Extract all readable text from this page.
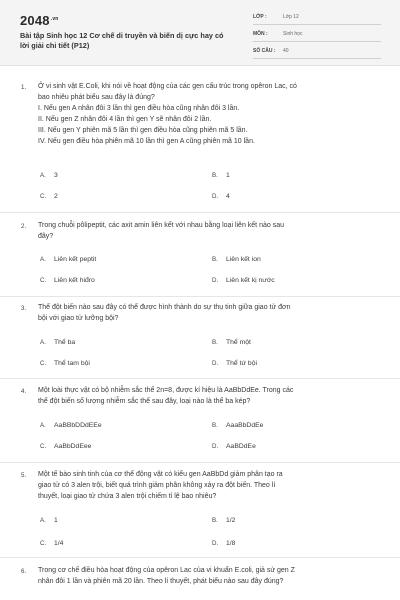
$2048^{.vn}$
Bài tập Sinh học 12 Cơ chế di truyền và biến dị cực hay có
lời giải chi tiết (P12)
LỚP :	Lớp 12
MÔN :	Sinh học
SỐ CÂU : 40
1. Ở vi sinh vật E.Coli, khi nói về hoạt động của các gen cấu trúc trong opêron Lac, có
bao nhiêu phát biểu sau đây là đúng?
I. Nếu gen A nhân đôi 3 lần thì gen điều hòa cũng nhân đôi 3 lần.
II. Nếu gen Z nhân đôi 4 lần thì gen Y sẽ nhân đôi 2 lần.
III. Nếu gen Y phiên mã 5 lần thì gen điều hòa cũng phiên mã 5 lần.
IV. Nếu gen điều hòa phiên mã 10 lần thì gen A cũng phiên mã 10 lần.
A. 3	B. 1
C. 2	D. 4
2. Trong chuỗi pôlipeptit, các axit amin liên kết với nhau bằng loại liên kết nào sau
đây?
A. Liên kết peptit	B. Liên kết ion
C. Liên kết hiđro	D. Liên kết kị nước
3. Thể đột biến nào sau đây có thể được hình thành do sự thụ tinh giữa giao tử đơn
bội với giao tử lưỡng bội?
A. Thể ba	B. Thể một
C. Thể tam bội	D. Thể tứ bội
4. Một loài thực vật có bộ nhiễm sắc thể 2n=8, được kí hiệu là AaBbDdEe. Trong các
thể đột biến số lượng nhiễm sắc thể sau đây, loại nào là thể ba kép?
A. AaBBbDDdEEe	B. AaaBbDdEe
C. AaBbDdEee	D. AaBDdEe
5. Một tế bào sinh tinh của cơ thể động vật có kiểu gen AaBbDd giảm phân tạo ra
giao tử có 3 alen trội, biết quá trình giảm phân không xảy ra đột biến. Theo lí
thuyết, loại giao tử chứa 3 alen trội chiếm tỉ lệ bao nhiêu?
A. 1	B. 1/2
C. 1/4	D. 1/8
6. Trong cơ chế điều hòa hoạt động của opêron Lac của vi khuẩn E.coli, giả sử gen Z
nhân đôi 1 lần và phiên mã 20 lần. Theo lí thuyết, phát biểu nào sau đây đúng?
